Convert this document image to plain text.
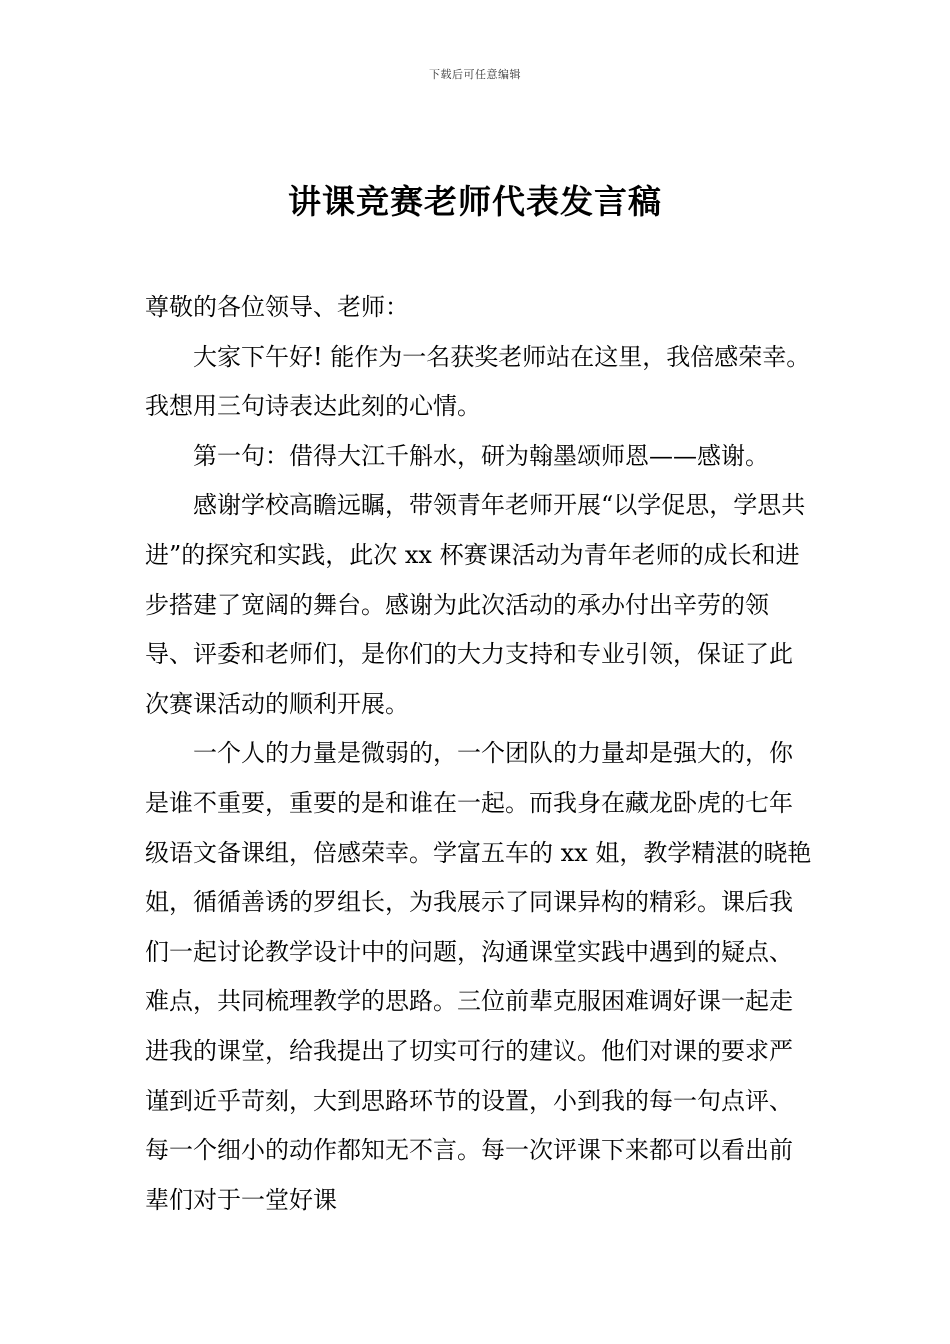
下载后可任意编辑
讲课竞赛老师代表发言稿

尊敬的各位领导、老师：

大家下午好! 能作为一名获奖老师站在这里，我倍感荣幸。我想用三句诗表达此刻的心情。

第一句：借得大江千斛水，研为翰墨颂师恩——感谢。

感谢学校高瞻远瞩，带领青年老师开展“以学促思，学思共进”的探究和实践，此次 xx 杯赛课活动为青年老师的成长和进步搭建了宽阔的舞台。感谢为此次活动的承办付出辛劳的领导、评委和老师们，是你们的大力支持和专业引领，保证了此次赛课活动的顺利开展。

一个人的力量是微弱的，一个团队的力量却是强大的，你是谁不重要，重要的是和谁在一起。而我身在藏龙卧虎的七年级语文备课组，倍感荣幸。学富五车的 xx 姐，教学精湛的晓艳姐，循循善诱的罗组长，为我展示了同课异构的精彩。课后我们一起讨论教学设计中的问题，沟通课堂实践中遇到的疑点、难点，共同梳理教学的思路。三位前辈克服困难调好课一起走进我的课堂，给我提出了切实可行的建议。他们对课的要求严谨到近乎苛刻，大到思路环节的设置，小到我的每一句点评、每一个细小的动作都知无不言。每一次评课下来都可以看出前辈们对于一堂好课
